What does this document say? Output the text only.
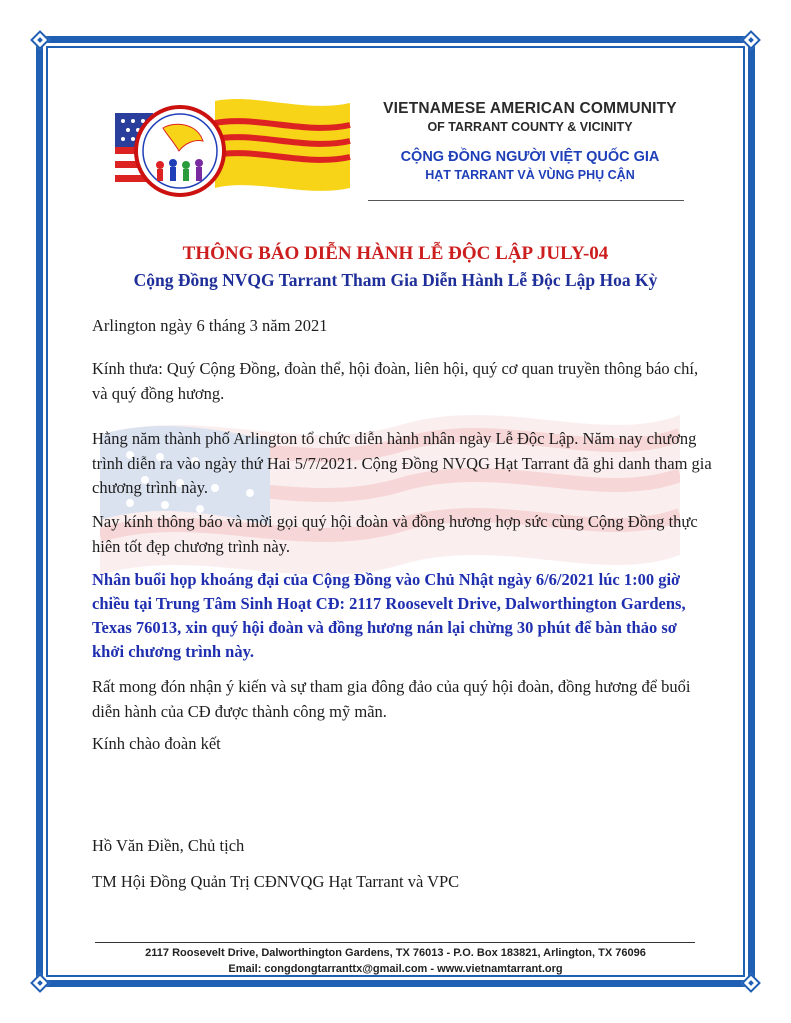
VIETNAMESE AMERICAN COMMUNITY
OF TARRANT COUNTY & VICINITY
CỘNG ĐỒNG NGƯỜI VIỆT QUỐC GIA
HẠT TARRANT VÀ VÙNG PHỤ CẬN
THÔNG BÁO DIỄN HÀNH LỄ ĐỘC LẬP JULY-04
Cộng Đồng NVQG Tarrant Tham Gia Diễn Hành Lễ Độc Lập Hoa Kỳ
Arlington ngày 6 tháng 3 năm 2021
Kính thưa: Quý Cộng Đồng, đoàn thể, hội đoàn, liên hội, quý cơ quan truyền thông báo chí, và quý đồng hương.
Hằng năm thành phố Arlington tổ chức diễn hành nhân ngày Lễ Độc Lập. Năm nay chương trình diễn ra vào ngày thứ Hai 5/7/2021. Cộng Đồng NVQG Hạt Tarrant đã ghi danh tham gia chương trình này.
Nay kính thông báo và mời gọi quý hội đoàn và đồng hương hợp sức cùng Cộng Đồng thực hiên tốt đẹp chương trình này.
Nhân buổi họp khoáng đại của Cộng Đồng vào Chủ Nhật ngày 6/6/2021 lúc 1:00 giờ chiều tại Trung Tâm Sinh Hoạt CĐ: 2117 Roosevelt Drive, Dalworthington Gardens, Texas 76013, xin quý hội đoàn và đồng hương nán lại chừng 30 phút để bàn thảo sơ khởi chương trình này.
Rất mong đón nhận ý kiến và sự tham gia đông đảo của quý hội đoàn, đồng hương để buổi diễn hành của CĐ được thành công mỹ mãn.
Kính chào đoàn kết
Hồ Văn Điền, Chủ tịch
TM Hội Đồng Quản Trị CĐNVQG Hạt Tarrant và VPC
2117 Roosevelt Drive, Dalworthington Gardens, TX 76013 - P.O. Box 183821, Arlington, TX 76096
Email: congdongtarranttx@gmail.com - www.vietnamtarrant.org
